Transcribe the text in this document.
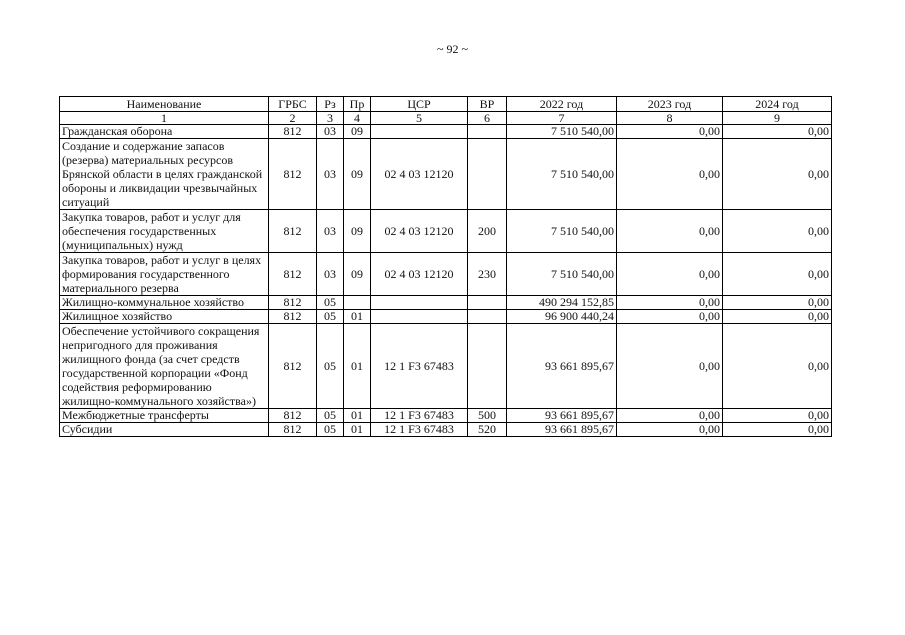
~ 92 ~
Наименование	ГРБС	Рз	Пр	ЦСР	ВР	2022 год	2023 год	2024 год
1	2	3	4	5	6	7	8	9
Гражданская оборона	812	03	09			7 510 540,00	0,00	0,00
Создание и содержание запасов (резерва) материальных ресурсов Брянской области в целях гражданской обороны и ликвидации чрезвычайных ситуаций	812	03	09	02 4 03 12120		7 510 540,00	0,00	0,00
Закупка товаров, работ и услуг для обеспечения государственных (муниципальных) нужд	812	03	09	02 4 03 12120	200	7 510 540,00	0,00	0,00
Закупка товаров, работ и услуг в целях формирования государственного материального резерва	812	03	09	02 4 03 12120	230	7 510 540,00	0,00	0,00
Жилищно-коммунальное хозяйство	812	05				490 294 152,85	0,00	0,00
Жилищное хозяйство	812	05	01			96 900 440,24	0,00	0,00
Обеспечение устойчивого сокращения непригодного для проживания жилищного фонда (за счет средств государственной корпорации «Фонд содействия реформированию жилищно-коммунального хозяйства»)	812	05	01	12 1 F3 67483		93 661 895,67	0,00	0,00
Межбюджетные трансферты	812	05	01	12 1 F3 67483	500	93 661 895,67	0,00	0,00
Субсидии	812	05	01	12 1 F3 67483	520	93 661 895,67	0,00	0,00
